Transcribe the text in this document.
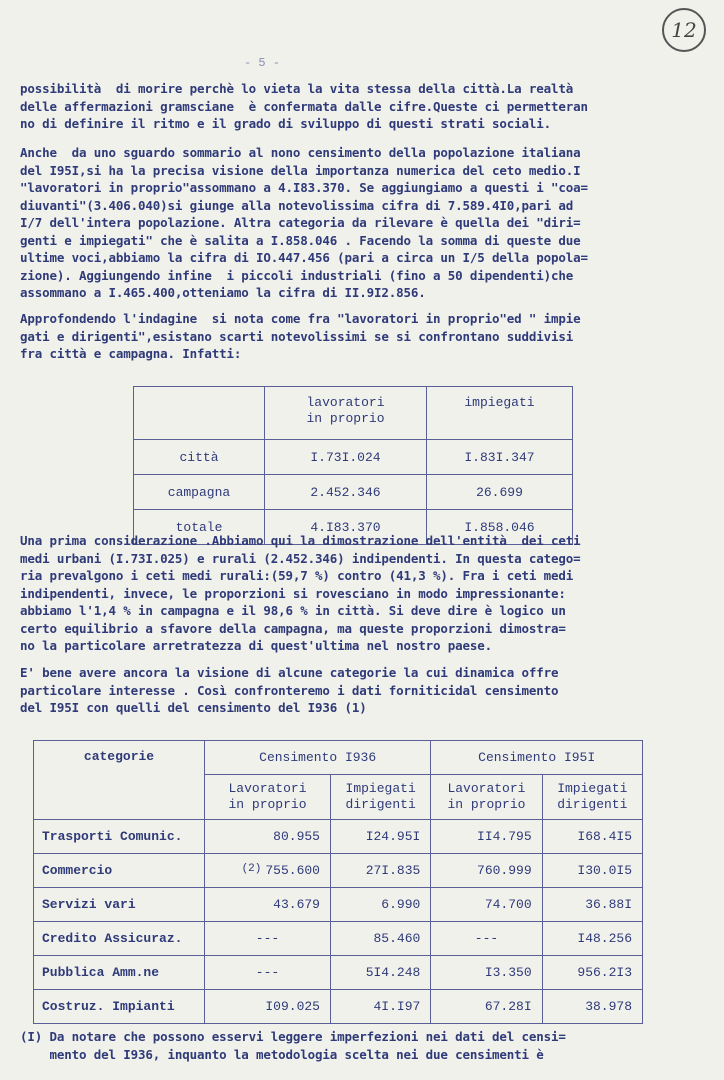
12
- 5 -
possibilità  di morire perchè lo vieta la vita stessa della città.La realtà
delle affermazioni gramsciane  è confermata dalle cifre.Queste ci permetteran
no di definire il ritmo e il grado di sviluppo di questi strati sociali.
Anche  da uno sguardo sommario al nono censimento della popolazione italiana
del I95I,si ha la precisa visione della importanza numerica del ceto medio.I
"lavoratori in proprio"assommano a 4.I83.370. Se aggiungiamo a questi i "coa=
diuvanti"(3.406.040)si giunge alla notevolissima cifra di 7.589.4I0,pari ad
I/7 dell'intera popolazione. Altra categoria da rilevare è quella dei "diri=
genti e impiegati" che è salita a I.858.046 . Facendo la somma di queste due
ultime voci,abbiamo la cifra di IO.447.456 (pari a circa un I/5 della popola=
zione). Aggiungendo infine  i piccoli industriali (fino a 50 dipendenti)che
assommano a I.465.400,otteniamo la cifra di II.9I2.856.
Approfondendo l'indagine  si nota come fra "lavoratori in proprio"ed " impie
gati e dirigenti",esistano scarti notevolissimi se si confrontano suddivisi
fra città e campagna. Infatti:
	lavoratori
in proprio	impiegati
città	I.73I.024	I.83I.347
campagna	2.452.346	26.699
totale	4.I83.370	I.858.046
Una prima considerazione .Abbiamo qui la dimostrazione dell'entità  dei ceti
medi urbani (I.73I.025) e rurali (2.452.346) indipendenti. In questa catego=
ria prevalgono i ceti medi rurali:(59,7 %) contro (41,3 %). Fra i ceti medi
indipendenti, invece, le proporzioni si rovesciano in modo impressionante:
abbiamo l'1,4 % in campagna e il 98,6 % in città. Si deve dire è logico un
certo equilibrio a sfavore della campagna, ma queste proporzioni dimostra=
no la particolare arretratezza di quest'ultima nel nostro paese.
E' bene avere ancora la visione di alcune categorie la cui dinamica offre
particolare interesse . Così confronteremo i dati forniticidal censimento
del I95I con quelli del censimento del I936 (1)
categorie	Censimento I936		Censimento I95I	
	Lavoratori
in proprio	Impiegati
dirigenti	Lavoratori
in proprio	Impiegati
dirigenti
Trasporti Comunic.	80.955	I24.95I	II4.795	I68.4I5
Commercio	$^{(2)}$ 755.600	27I.835	760.999	I30.0I5
Servizi vari	43.679	6.990	74.700	36.88I
Credito Assicuraz.	---	85.460	---	I48.256
Pubblica Amm.ne	---	5I4.248	I3.350	956.2I3
Costruz. Impianti	I09.025	4I.I97	67.28I	38.978
(I) Da notare che possono esservi leggere imperfezioni nei dati del censi=
mento del I936, inquanto la metodologia scelta nei due censimenti è
